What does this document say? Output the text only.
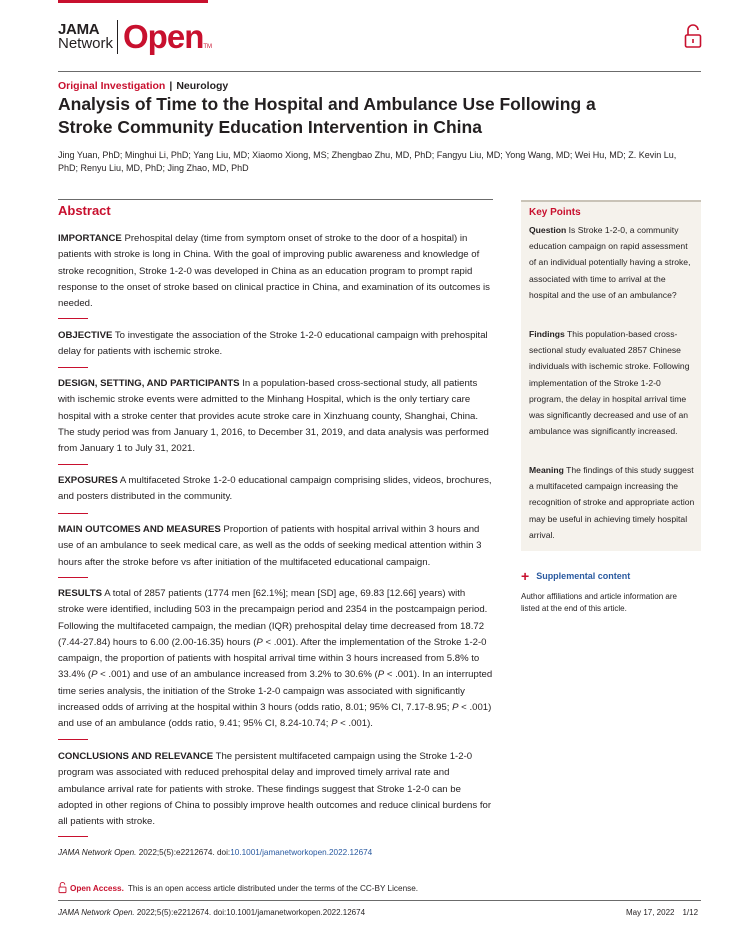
JAMA
Network Open TM
Original Investigation | Neurology
Analysis of Time to the Hospital and Ambulance Use Following a Stroke Community Education Intervention in China
Jing Yuan, PhD; Minghui Li, PhD; Yang Liu, MD; Xiaomo Xiong, MS; Zhengbao Zhu, MD, PhD; Fangyu Liu, MD; Yong Wang, MD; Wei Hu, MD; Z. Kevin Lu, PhD; Renyu Liu, MD, PhD; Jing Zhao, MD, PhD
Abstract
IMPORTANCE Prehospital delay (time from symptom onset of stroke to the door of a hospital) in patients with stroke is long in China. With the goal of improving public awareness and knowledge of stroke recognition, Stroke 1-2-0 was developed in China as an education program to prompt rapid response to the onset of stroke based on clinical practice in China, and examination of its outcomes is needed.
OBJECTIVE To investigate the association of the Stroke 1-2-0 educational campaign with prehospital delay for patients with ischemic stroke.
DESIGN, SETTING, AND PARTICIPANTS In a population-based cross-sectional study, all patients with ischemic stroke events were admitted to the Minhang Hospital, which is the only tertiary care hospital with a stroke center that provides acute stroke care in Xinzhuang county, Shanghai, China. The study period was from January 1, 2016, to December 31, 2019, and data analysis was performed from January 1 to July 31, 2021.
EXPOSURES A multifaceted Stroke 1-2-0 educational campaign comprising slides, videos, brochures, and posters distributed in the community.
MAIN OUTCOMES AND MEASURES Proportion of patients with hospital arrival within 3 hours and use of an ambulance to seek medical care, as well as the odds of seeking medical attention within 3 hours after the stroke before vs after initiation of the multifaceted educational campaign.
RESULTS A total of 2857 patients (1774 men [62.1%]; mean [SD] age, 69.83 [12.66] years) with stroke were identified, including 503 in the precampaign period and 2354 in the postcampaign period. Following the multifaceted campaign, the median (IQR) prehospital delay time decreased from 18.72 (7.44-27.84) hours to 6.00 (2.00-16.35) hours (P < .001). After the implementation of the Stroke 1-2-0 campaign, the proportion of patients with hospital arrival time within 3 hours increased from 5.8% to 33.4% (P < .001) and use of an ambulance increased from 3.2% to 30.6% (P < .001). In an interrupted time series analysis, the initiation of the Stroke 1-2-0 campaign was associated with significantly increased odds of arriving at the hospital within 3 hours (odds ratio, 8.01; 95% CI, 7.17-8.95; P < .001) and use of an ambulance (odds ratio, 9.41; 95% CI, 8.24-10.74; P < .001).
CONCLUSIONS AND RELEVANCE The persistent multifaceted campaign using the Stroke 1-2-0 program was associated with reduced prehospital delay and improved timely arrival rate and ambulance arrival rate for patients with stroke. These findings suggest that Stroke 1-2-0 can be adopted in other regions of China to possibly improve health outcomes and reduce clinical burdens for all patients with stroke.
Key Points
Question Is Stroke 1-2-0, a community education campaign on rapid assessment of an individual potentially having a stroke, associated with time to arrival at the hospital and the use of an ambulance?
Findings This population-based cross-sectional study evaluated 2857 Chinese individuals with ischemic stroke. Following implementation of the Stroke 1-2-0 program, the delay in hospital arrival time was significantly decreased and use of an ambulance was significantly increased.
Meaning The findings of this study suggest a multifaceted campaign increasing the recognition of stroke and appropriate action may be useful in achieving timely hospital arrival.
+ Supplemental content
Author affiliations and article information are listed at the end of this article.
JAMA Network Open. 2022;5(5):e2212674. doi:10.1001/jamanetworkopen.2022.12674
Open Access. This is an open access article distributed under the terms of the CC-BY License.
JAMA Network Open. 2022;5(5):e2212674. doi:10.1001/jamanetworkopen.2022.12674	May 17, 2022 1/12
